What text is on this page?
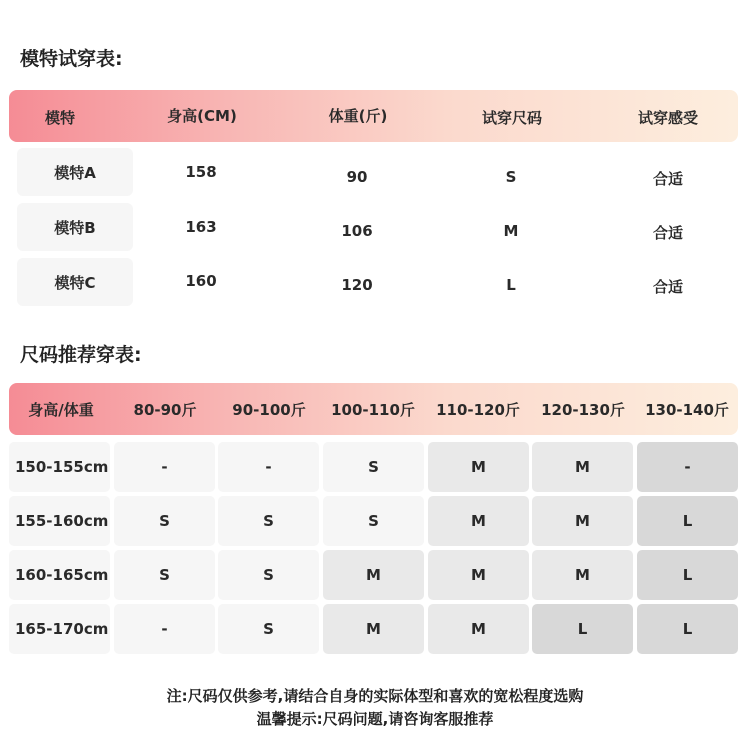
模特试穿表:
模特	身高(CM)	体重(斤)	试穿尺码	试穿感受
模特A	158	90	S	合适
模特B	163	106	M	合适
模特C	160	120	L	合适
尺码推荐穿表:
身高/体重	80-90斤 90-100斤 100-110斤 110-120斤 120-130斤 130-140斤
150-155cm	-	-	S	M	M	-
155-160cm	S	S	S	M	M	L
160-165cm	S	S	M	M	M	L
165-170cm	-	S	M	M	L	L
注:尺码仅供参考,请结合自身的实际体型和喜欢的宽松程度选购
温馨提示:尺码问题,请咨询客服推荐
